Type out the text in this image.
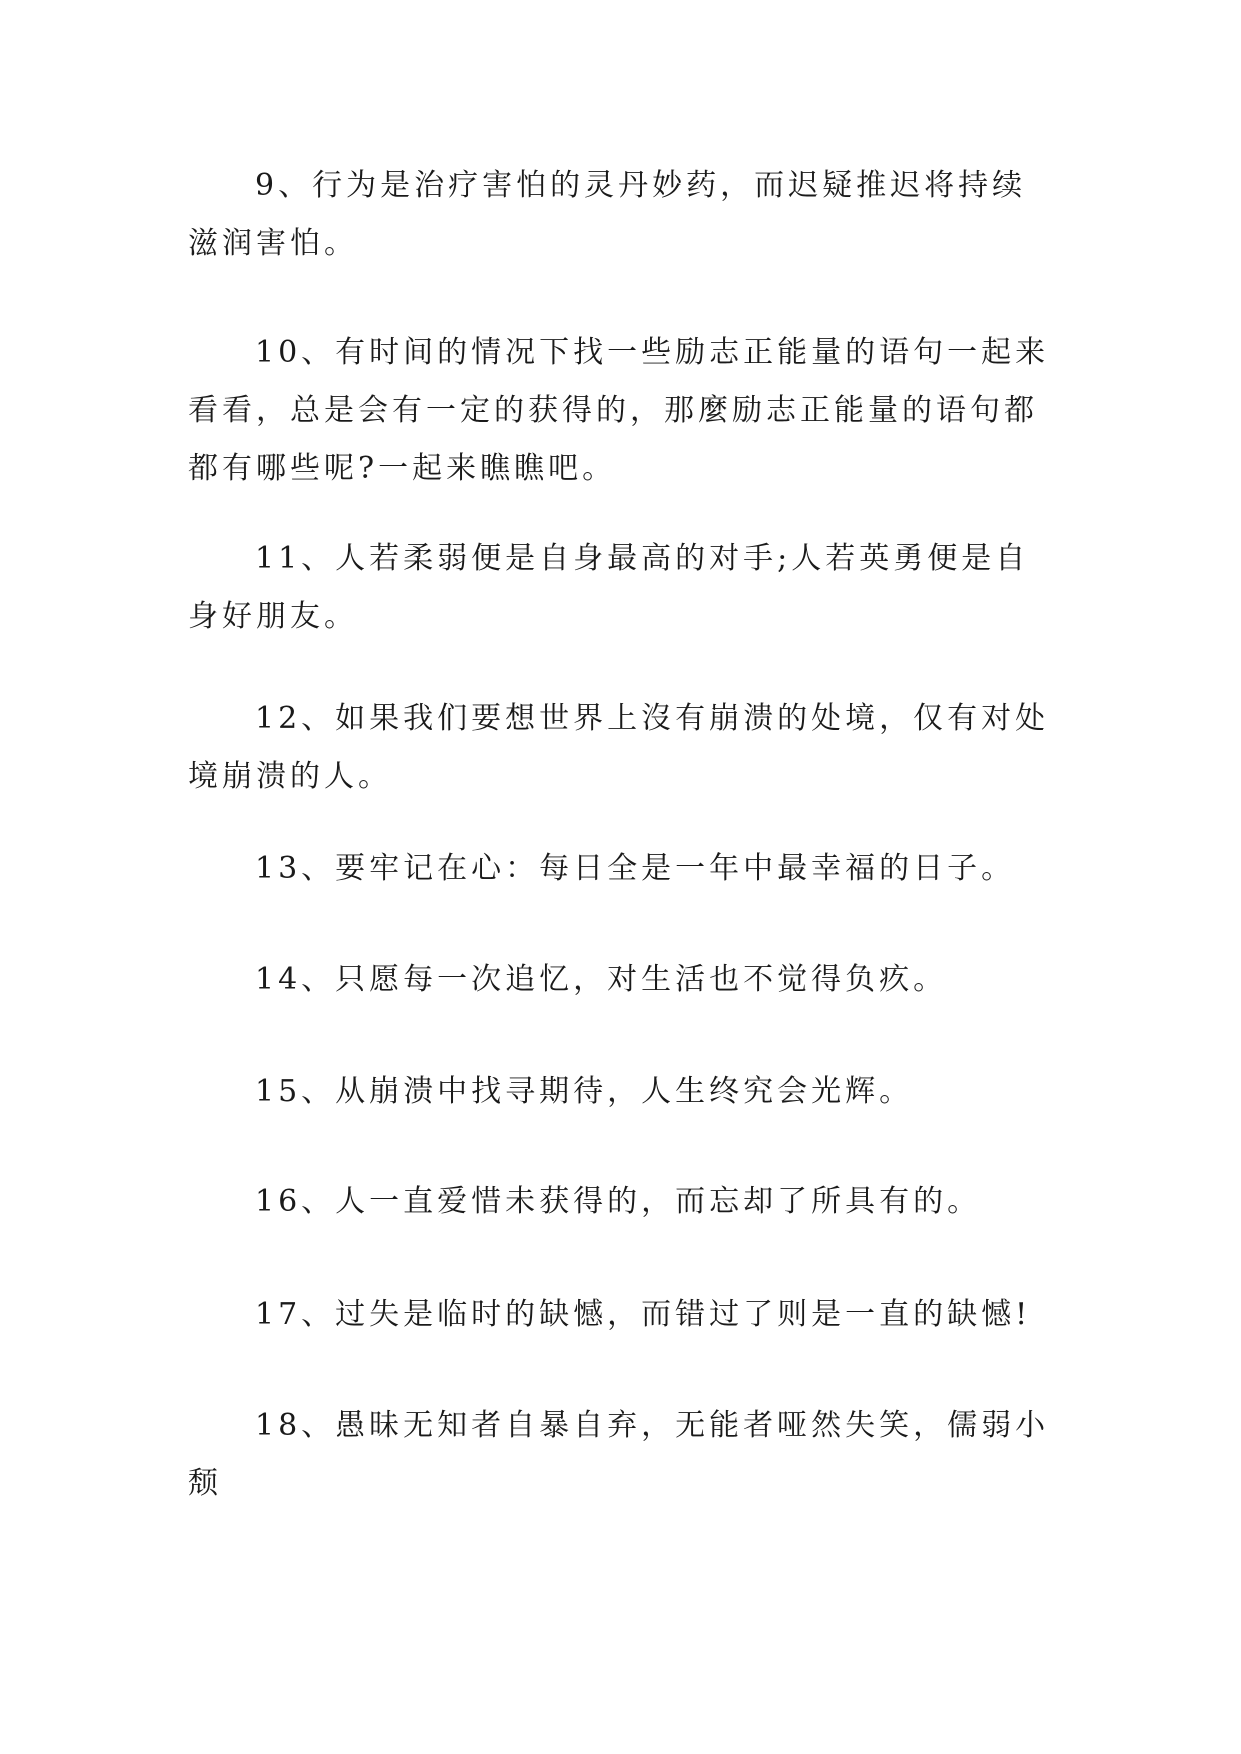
9、行为是治疗害怕的灵丹妙药，而迟疑推迟将持续滋润害怕。

10、有时间的情况下找一些励志正能量的语句一起来看看，总是会有一定的获得的，那麼励志正能量的语句都都有哪些呢?一起来瞧瞧吧。

11、人若柔弱便是自身最高的对手;人若英勇便是自身好朋友。

12、如果我们要想世界上沒有崩溃的处境，仅有对处境崩溃的人。

13、要牢记在心：每日全是一年中最幸福的日子。

14、只愿每一次追忆，对生活也不觉得负疚。

15、从崩溃中找寻期待，人生终究会光辉。

16、人一直爱惜未获得的，而忘却了所具有的。

17、过失是临时的缺憾，而错过了则是一直的缺憾!

18、愚昧无知者自暴自弃，无能者哑然失笑，儒弱小颓
